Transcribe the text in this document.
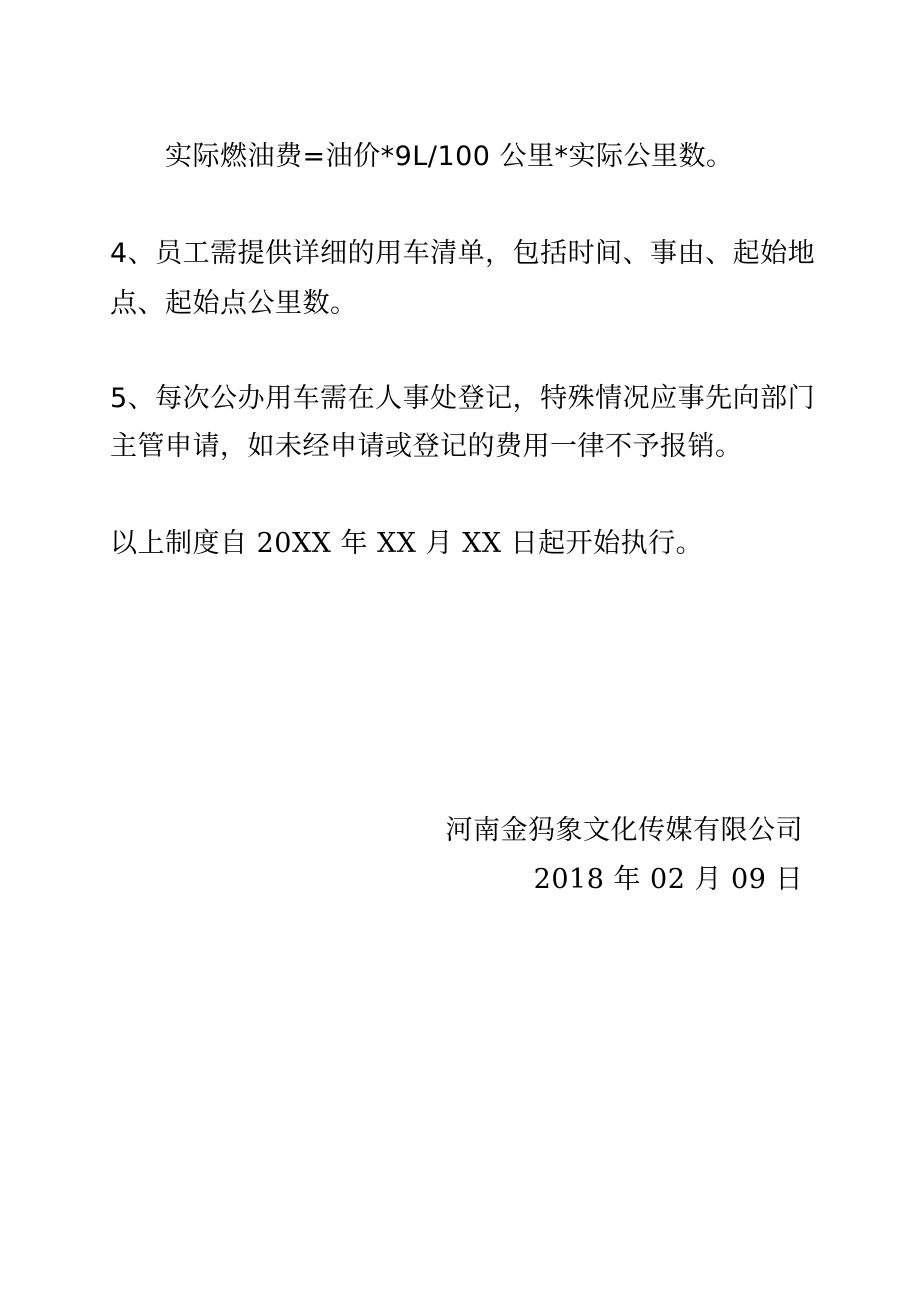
实际燃油费=油价*9L/100 公里*实际公里数。
4、员工需提供详细的用车清单，包括时间、事由、起始地
点、起始点公里数。
5、每次公办用车需在人事处登记，特殊情况应事先向部门
主管申请，如未经申请或登记的费用一律不予报销。
以上制度自 20XX 年 XX 月 XX 日起开始执行。
河南金犸象文化传媒有限公司
2018 年 02 月 09 日
